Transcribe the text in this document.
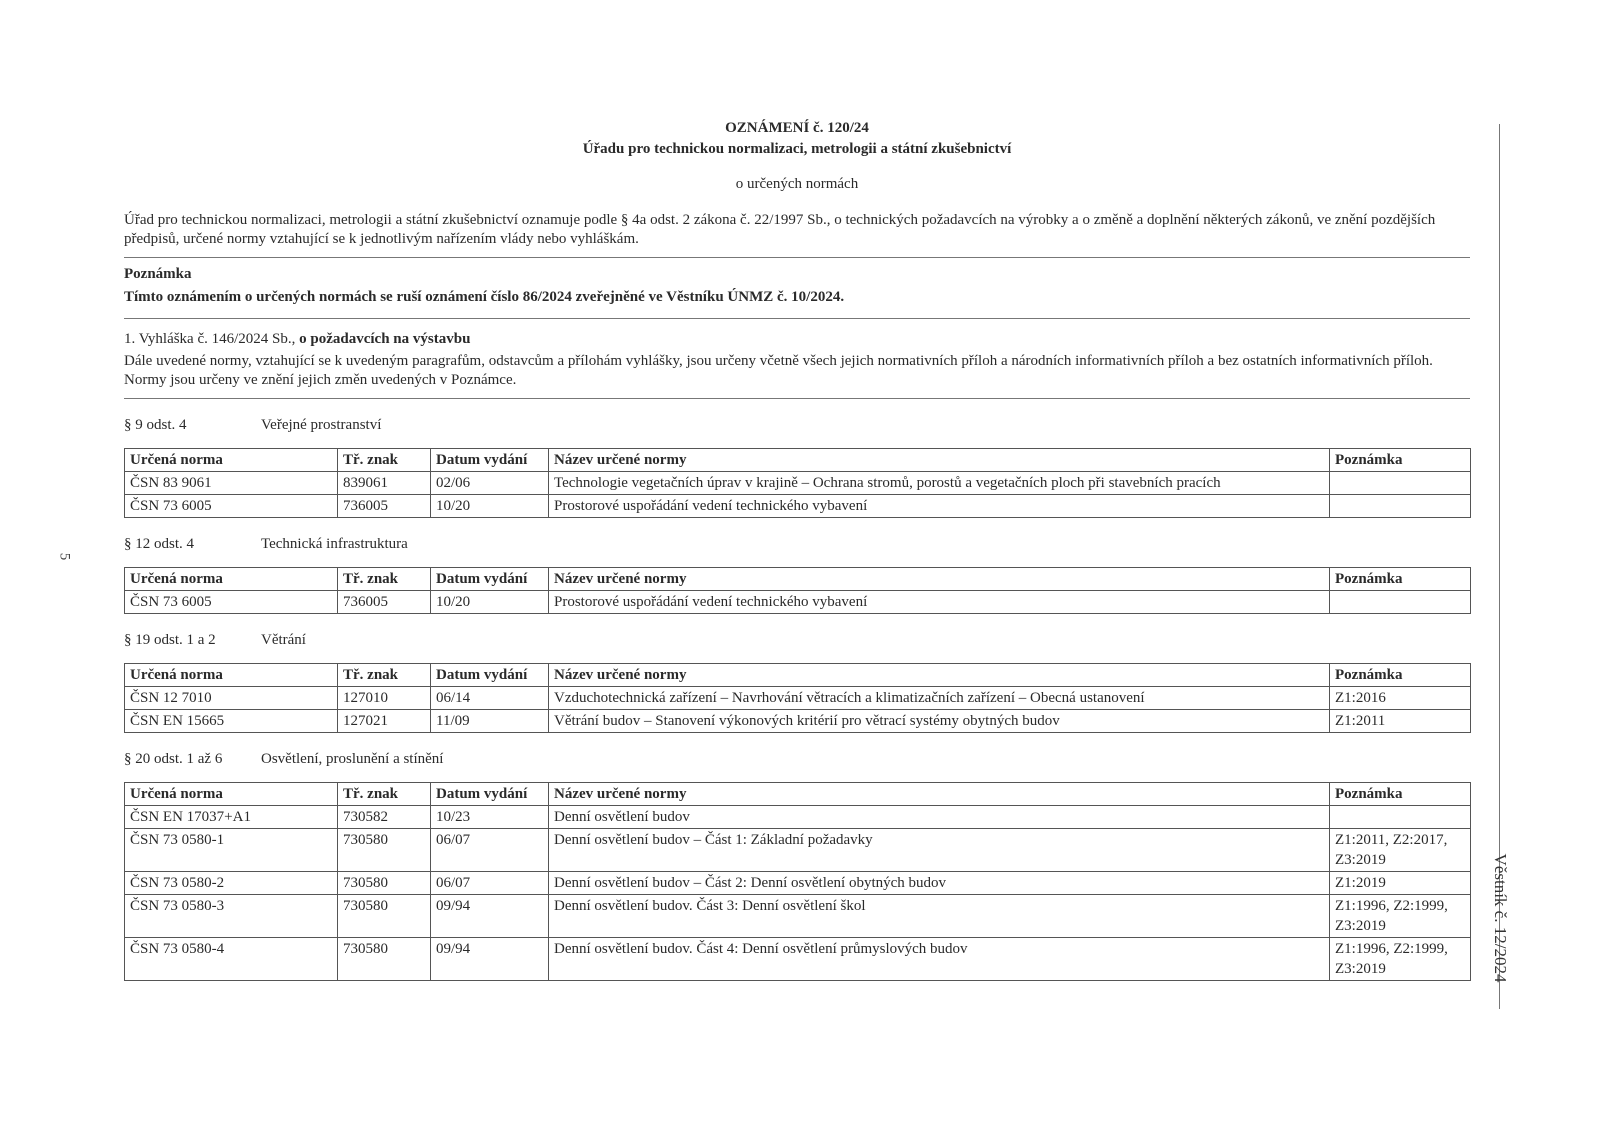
5
Věstník č. 12/2024
OZNÁMENÍ č. 120/24
Úřadu pro technickou normalizaci, metrologii a státní zkušebnictví
o určených normách
Úřad pro technickou normalizaci, metrologii a státní zkušebnictví oznamuje podle § 4a odst. 2 zákona č. 22/1997 Sb., o technických požadavcích na výrobky a o změně a doplnění některých zákonů, ve znění pozdějších předpisů, určené normy vztahující se k jednotlivým nařízením vlády nebo vyhláškám.
Poznámka
Tímto oznámením o určených normách se ruší oznámení číslo 86/2024 zveřejněné ve Věstníku ÚNMZ č. 10/2024.
1. Vyhláška č. 146/2024 Sb., o požadavcích na výstavbu
Dále uvedené normy, vztahující se k uvedeným paragrafům, odstavcům a přílohám vyhlášky, jsou určeny včetně všech jejich normativních příloh a národních informativních příloh a bez ostatních informativních příloh. Normy jsou určeny ve znění jejich změn uvedených v Poznámce.
§ 9 odst. 4	Veřejné prostranství
Určená norma	Tř. znak	Datum vydání	Název určené normy	Poznámka
ČSN 83 9061	839061	02/06	Technologie vegetačních úprav v krajině – Ochrana stromů, porostů a vegetačních ploch při stavebních pracích	
ČSN 73 6005	736005	10/20	Prostorové uspořádání vedení technického vybavení	
§ 12 odst. 4	Technická infrastruktura
Určená norma	Tř. znak	Datum vydání	Název určené normy	Poznámka
ČSN 73 6005	736005	10/20	Prostorové uspořádání vedení technického vybavení	
§ 19 odst. 1 a 2	Větrání
Určená norma	Tř. znak	Datum vydání	Název určené normy	Poznámka
ČSN 12 7010	127010	06/14	Vzduchotechnická zařízení – Navrhování větracích a klimatizačních zařízení – Obecná ustanovení	Z1:2016
ČSN EN 15665	127021	11/09	Větrání budov – Stanovení výkonových kritérií pro větrací systémy obytných budov	Z1:2011
§ 20 odst. 1 až 6	Osvětlení, proslunění a stínění
Určená norma	Tř. znak	Datum vydání	Název určené normy	Poznámka
ČSN EN 17037+A1	730582	10/23	Denní osvětlení budov	
ČSN 73 0580-1	730580	06/07	Denní osvětlení budov – Část 1: Základní požadavky	Z1:2011, Z2:2017, Z3:2019
ČSN 73 0580-2	730580	06/07	Denní osvětlení budov – Část 2: Denní osvětlení obytných budov	Z1:2019
ČSN 73 0580-3	730580	09/94	Denní osvětlení budov. Část 3: Denní osvětlení škol	Z1:1996, Z2:1999, Z3:2019
ČSN 73 0580-4	730580	09/94	Denní osvětlení budov. Část 4: Denní osvětlení průmyslových budov	Z1:1996, Z2:1999, Z3:2019
